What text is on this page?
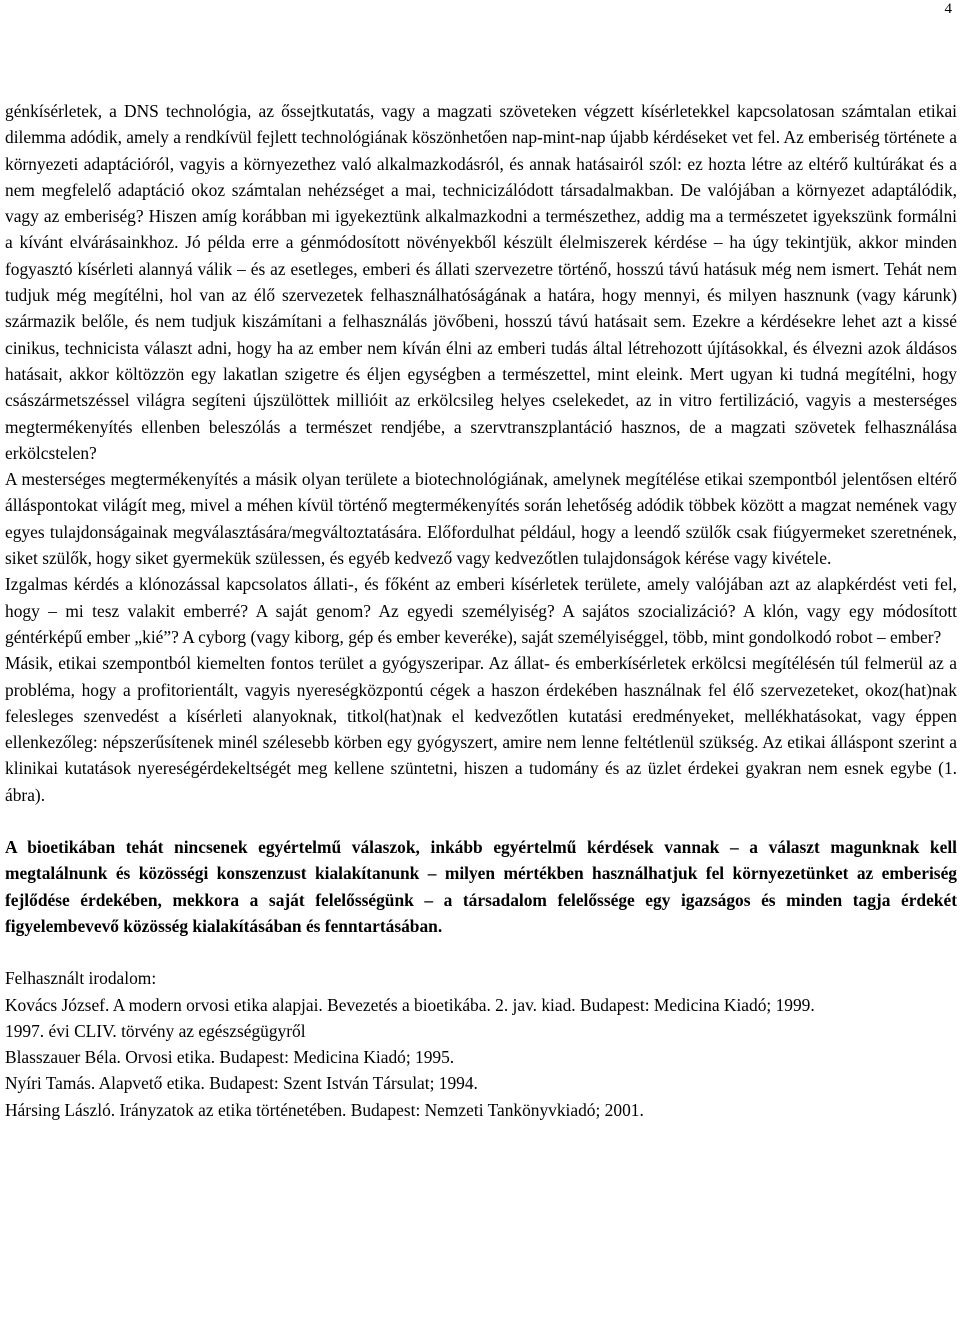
4

génkísérletek, a DNS technológia, az őssejtkutatás, vagy a magzati szöveteken végzett kísérletekkel kapcsolatosan számtalan etikai dilemma adódik, amely a rendkívül fejlett technológiának köszönhetően nap-mint-nap újabb kérdéseket vet fel. Az emberiség története a környezeti adaptációról, vagyis a környezethez való alkalmazkodásról, és annak hatásairól szól: ez hozta létre az eltérő kultúrákat és a nem megfelelő adaptáció okoz számtalan nehézséget a mai, technicizálódott társadalmakban. De valójában a környezet adaptálódik, vagy az emberiség? Hiszen amíg korábban mi igyekeztünk alkalmazkodni a természethez, addig ma a természetet igyekszünk formálni a kívánt elvárásainkhoz. Jó példa erre a génmódosított növényekből készült élelmiszerek kérdése – ha úgy tekintjük, akkor minden fogyasztó kísérleti alannyá válik – és az esetleges, emberi és állati szervezetre történő, hosszú távú hatásuk még nem ismert. Tehát nem tudjuk még megítélni, hol van az élő szervezetek felhasználhatóságának a határa, hogy mennyi, és milyen hasznunk (vagy kárunk) származik belőle, és nem tudjuk kiszámítani a felhasználás jövőbeni, hosszú távú hatásait sem. Ezekre a kérdésekre lehet azt a kissé cinikus, technicista választ adni, hogy ha az ember nem kíván élni az emberi tudás által létrehozott újításokkal, és élvezni azok áldásos hatásait, akkor költözzön egy lakatlan szigetre és éljen egységben a természettel, mint eleink. Mert ugyan ki tudná megítélni, hogy császármetszéssel világra segíteni újszülöttek millióit az erkölcsileg helyes cselekedet, az in vitro fertilizáció, vagyis a mesterséges megtermékenyítés ellenben beleszólás a természet rendjébe, a szervtranszplantáció hasznos, de a magzati szövetek felhasználása erkölcstelen?

A mesterséges megtermékenyítés a másik olyan területe a biotechnológiának, amelynek megítélése etikai szempontból jelentősen eltérő álláspontokat világít meg, mivel a méhen kívül történő megtermékenyítés során lehetőség adódik többek között a magzat nemének vagy egyes tulajdonságainak megválasztására/megváltoztatására. Előfordulhat például, hogy a leendő szülők csak fiúgyermeket szeretnének, siket szülők, hogy siket gyermekük szülessen, és egyéb kedvező vagy kedvezőtlen tulajdonságok kérése vagy kivétele.

Izgalmas kérdés a klónozással kapcsolatos állati-, és főként az emberi kísérletek területe, amely valójában azt az alapkérdést veti fel, hogy – mi tesz valakit emberré? A saját genom? Az egyedi személyiség? A sajátos szocializáció? A klón, vagy egy módosított géntérképű ember „kié”? A cyborg (vagy kiborg, gép és ember keveréke), saját személyiséggel, több, mint gondolkodó robot – ember?

Másik, etikai szempontból kiemelten fontos terület a gyógyszeripar. Az állat- és emberkísérletek erkölcsi megítélésén túl felmerül az a probléma, hogy a profitorientált, vagyis nyereségközpontú cégek a haszon érdekében használnak fel élő szervezeteket, okoz(hat)nak felesleges szenvedést a kísérleti alanyoknak, titkol(hat)nak el kedvezőtlen kutatási eredményeket, mellékhatásokat, vagy éppen ellenkezőleg: népszerűsítenek minél szélesebb körben egy gyógyszert, amire nem lenne feltétlenül szükség. Az etikai álláspont szerint a klinikai kutatások nyereségérdekeltségét meg kellene szüntetni, hiszen a tudomány és az üzlet érdekei gyakran nem esnek egybe (1. ábra).

A bioetikában tehát nincsenek egyértelmű válaszok, inkább egyértelmű kérdések vannak – a választ magunknak kell megtalálnunk és közösségi konszenzust kialakítanunk – milyen mértékben használhatjuk fel környezetünket az emberiség fejlődése érdekében, mekkora a saját felelősségünk – a társadalom felelőssége egy igazságos és minden tagja érdekét figyelembevevő közösség kialakításában és fenntartásában.

Felhasznált irodalom:

Kovács József. A modern orvosi etika alapjai. Bevezetés a bioetikába. 2. jav. kiad. Budapest: Medicina Kiadó; 1999.

1997. évi CLIV. törvény az egészségügyről

Blasszauer Béla. Orvosi etika. Budapest: Medicina Kiadó; 1995.

Nyíri Tamás. Alapvető etika. Budapest: Szent István Társulat; 1994.

Hársing László. Irányzatok az etika történetében. Budapest: Nemzeti Tankönyvkiadó; 2001.
